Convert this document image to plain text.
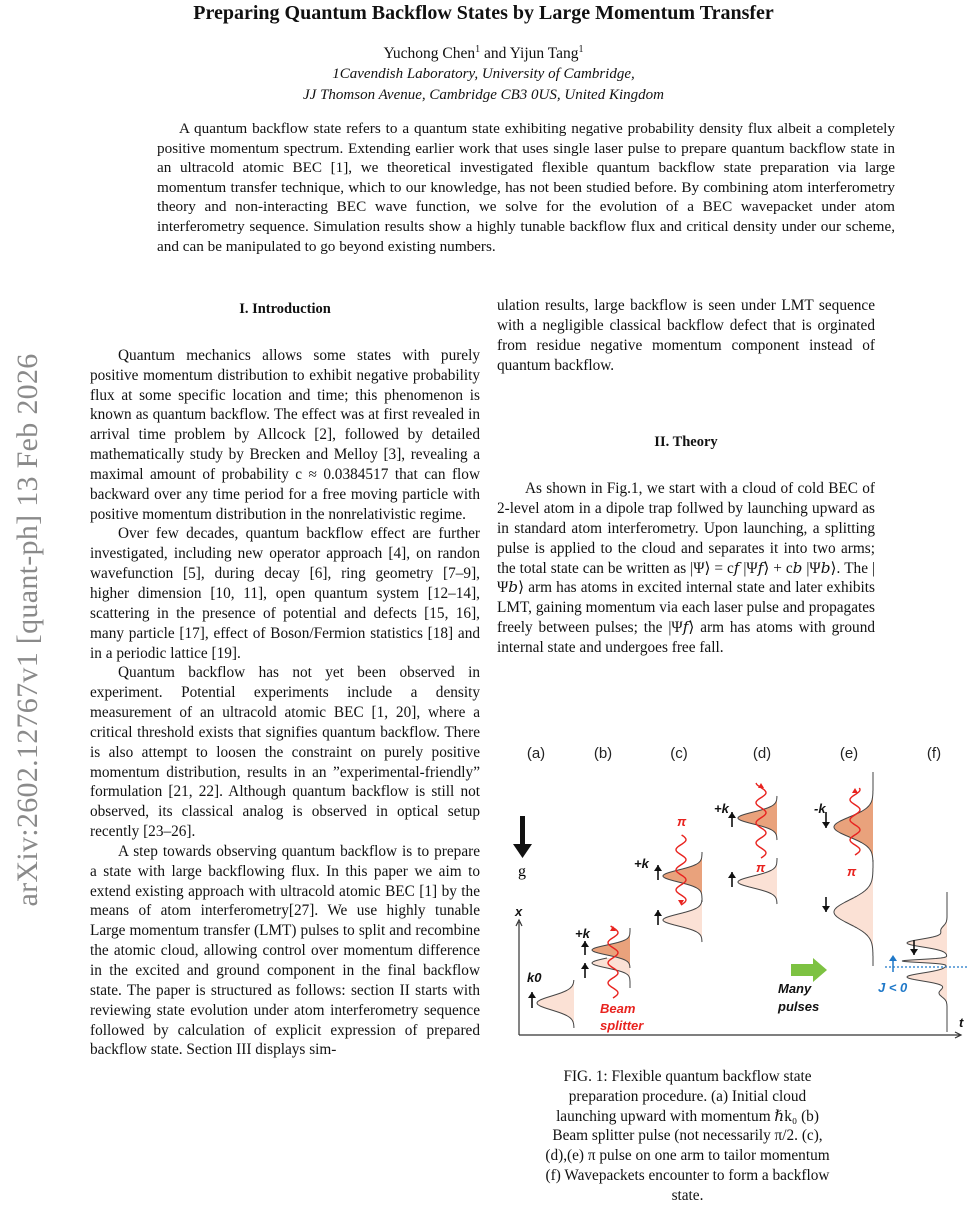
arXiv:2602.12767v1 [quant-ph] 13 Feb 2026
Preparing Quantum Backflow States by Large Momentum Transfer
Yuchong Chen$^1$ and Yijun Tang$^1$
1Cavendish Laboratory, University of Cambridge,
JJ Thomson Avenue, Cambridge CB3 0US, United Kingdom
A quantum backflow state refers to a quantum state exhibiting negative probability density flux albeit a completely positive momentum spectrum. Extending earlier work that uses single laser pulse to prepare quantum backflow state in an ultracold atomic BEC [1], we theoretical investigated flexible quantum backflow state preparation via large momentum transfer technique, which to our knowledge, has not been studied before. By combining atom interferometry theory and non-interacting BEC wave function, we solve for the evolution of a BEC wavepacket under atom interferometry sequence. Simulation results show a highly tunable backflow flux and critical density under our scheme, and can be manipulated to go beyond existing numbers.
I. Introduction

Quantum mechanics allows some states with purely positive momentum distribution to exhibit negative probability flux at some specific location and time; this phenomenon is known as quantum backflow. The effect was at first revealed in arrival time problem by Allcock [2], followed by detailed mathematically study by Brecken and Melloy [3], revealing a maximal amount of probability c ≈ 0.0384517 that can flow backward over any time period for a free moving particle with positive momentum distribution in the nonrelativistic regime.

Over few decades, quantum backflow effect are further investigated, including new operator approach [4], on randon wavefunction [5], during decay [6], ring geometry [7–9], higher dimension [10, 11], open quantum system [12–14], scattering in the presence of potential and defects [15, 16], many particle [17], effect of Boson/Fermion statistics [18] and in a periodic lattice [19].

Quantum backflow has not yet been observed in experiment. Potential experiments include a density measurement of an ultracold atomic BEC [1, 20], where a critical threshold exists that signifies quantum backflow. There is also attempt to loosen the constraint on purely positive momentum distribution, results in an ”experimental-friendly” formulation [21, 22]. Although quantum backflow is still not observed, its classical analog is observed in optical setup recently [23–26].

A step towards observing quantum backflow is to prepare a state with large backflowing flux. In this paper we aim to extend existing approach with ultracold atomic BEC [1] by the means of atom interferometry[27]. We use highly tunable Large momentum transfer (LMT) pulses to split and recombine the atomic cloud, allowing control over momentum difference in the excited and ground component in the final backflow state. The paper is structured as follows: section II starts with reviewing state evolution under atom interferometry sequence followed by calculation of explicit expression of prepared backflow state. Section III displays sim-

ulation results, large backflow is seen under LMT sequence with a negligible classical backflow defect that is orginated from residue negative momentum component instead of quantum backflow.

II. Theory

As shown in Fig.1, we start with a cloud of cold BEC of 2-level atom in a dipole trap follwed by launching upward as in standard atom interferometry. Upon launching, a splitting pulse is applied to the cloud and separates it into two arms; the total state can be written as |Ψ⟩ = c𝑓 |Ψ𝑓⟩ + c𝑏 |Ψ𝑏⟩. The |Ψ𝑏⟩ arm has atoms in excited internal state and later exhibits LMT, gaining momentum via each laser pulse and propagates freely between pulses; the |Ψ𝑓⟩ arm has atoms with ground internal state and undergoes free fall.

(a)	(b)	(c)	(d)	(e)	(f)
g
x
t
k0
+k
+k
+k	-k
Many
pulses
Beam
splitter
π
π	π
J < 0
FIG. 1: Flexible quantum backflow state preparation procedure. (a) Initial cloud launching upward with momentum ℏk₀ (b) Beam splitter pulse (not necessarily π/2. (c),(d),(e) π pulse on one arm to tailor momentum (f) Wavepackets encounter to form a backflow state.
